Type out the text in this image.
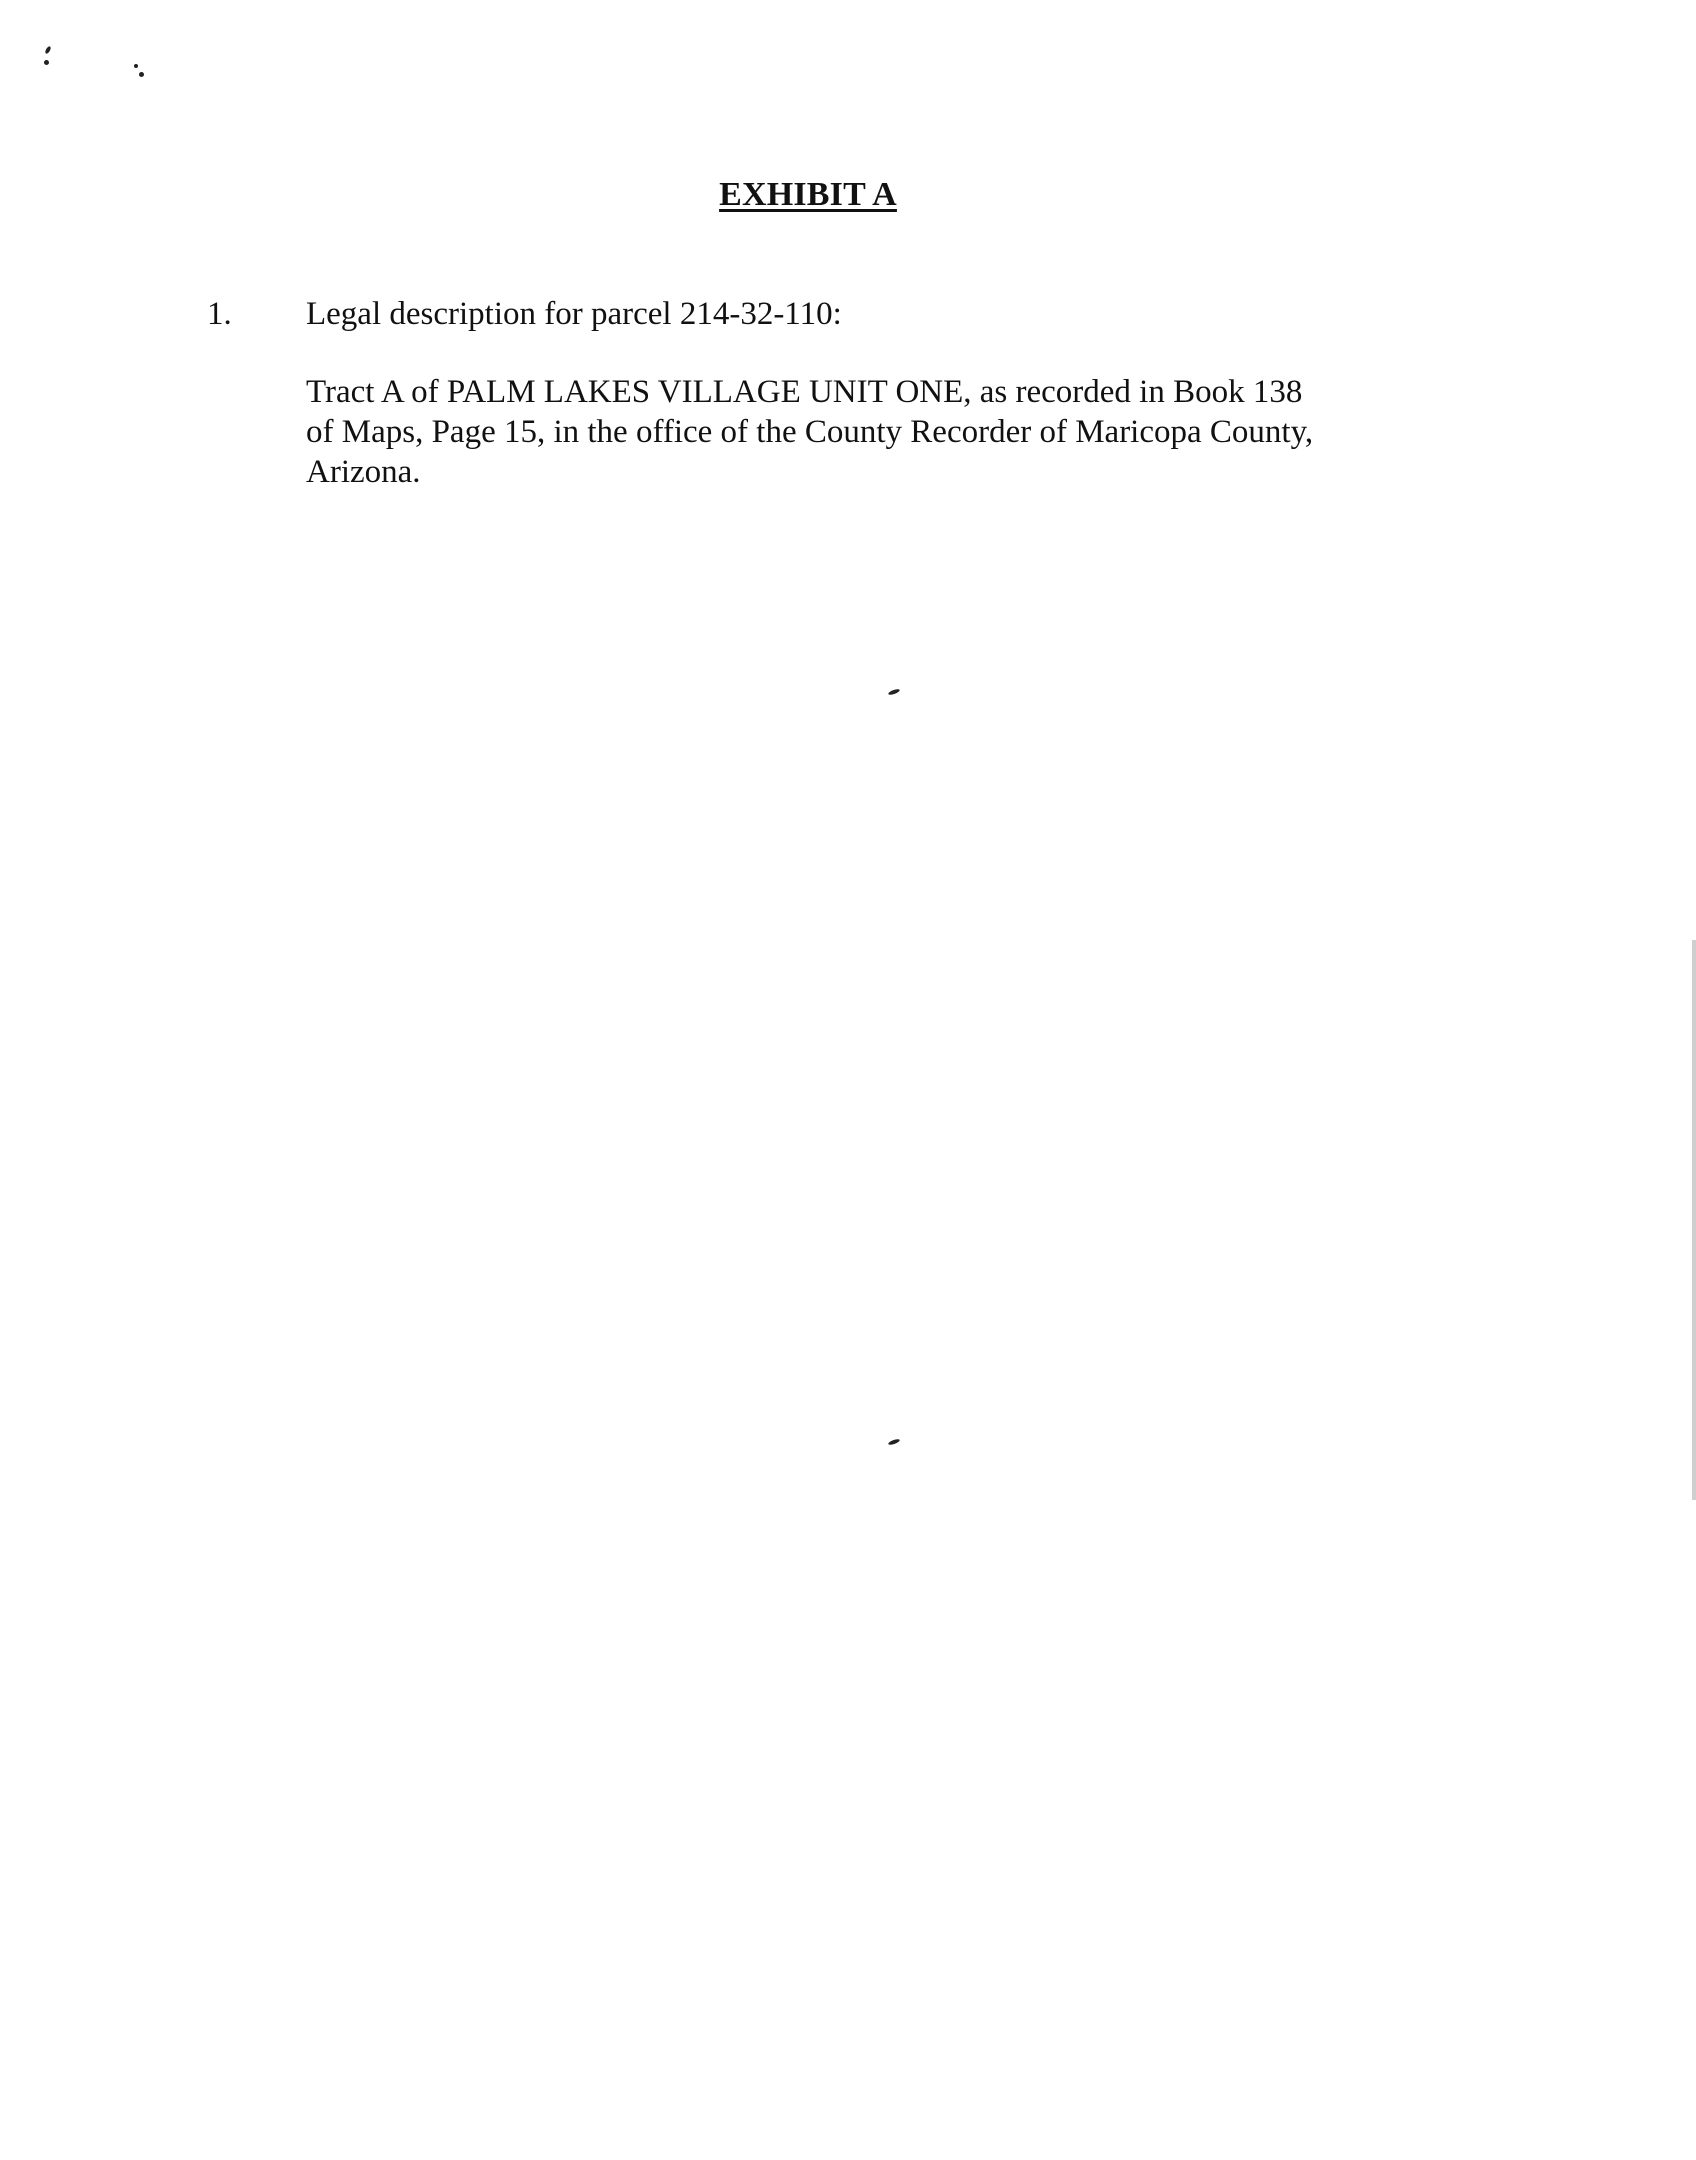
EXHIBIT A
1. Legal description for parcel 214-32-110:
Tract A of PALM LAKES VILLAGE UNIT ONE, as recorded in Book 138
of Maps, Page 15, in the office of the County Recorder of Maricopa County,
Arizona.
